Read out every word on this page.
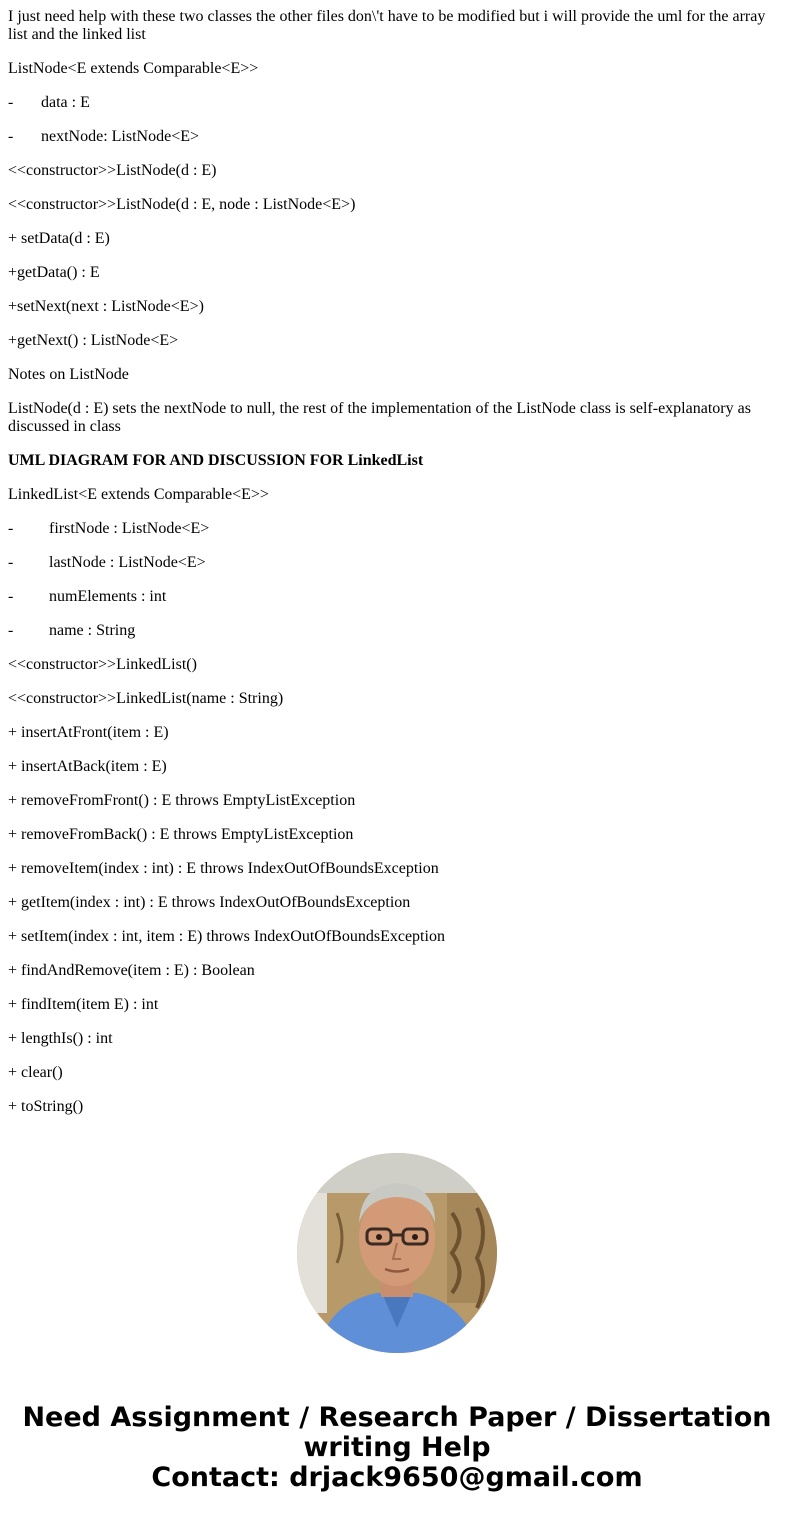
I just need help with these two classes the other files don\'t have to be modified but i will provide the uml for the array list and the linked list

ListNode<E extends Comparable<E>>

-	data : E
-	nextNode: ListNode<E>

<<constructor>>ListNode(d : E)

<<constructor>>ListNode(d : E, node : ListNode<E>)

+ setData(d : E)

+getData() : E

+setNext(next : ListNode<E>)

+getNext() : ListNode<E>

Notes on ListNode

ListNode(d : E) sets the nextNode to null, the rest of the implementation of the ListNode class is self-explanatory as discussed in class

UML DIAGRAM FOR AND DISCUSSION FOR LinkedList

LinkedList<E extends Comparable<E>>

-	firstNode : ListNode<E>
-	lastNode : ListNode<E>
-	numElements : int
-	name : String

<<constructor>>LinkedList()

<<constructor>>LinkedList(name : String)

+ insertAtFront(item : E)

+ insertAtBack(item : E)

+ removeFromFront() : E throws EmptyListException

+ removeFromBack() : E throws EmptyListException

+ removeItem(index : int) : E throws IndexOutOfBoundsException

+ getItem(index : int) : E throws IndexOutOfBoundsException

+ setItem(index : int, item : E) throws IndexOutOfBoundsException

+ findAndRemove(item : E) : Boolean

+ findItem(item E) : int

+ lengthIs() : int

+ clear()

+ toString()

Need Assignment / Research Paper / Dissertation
writing Help
Contact: drjack9650@gmail.com
